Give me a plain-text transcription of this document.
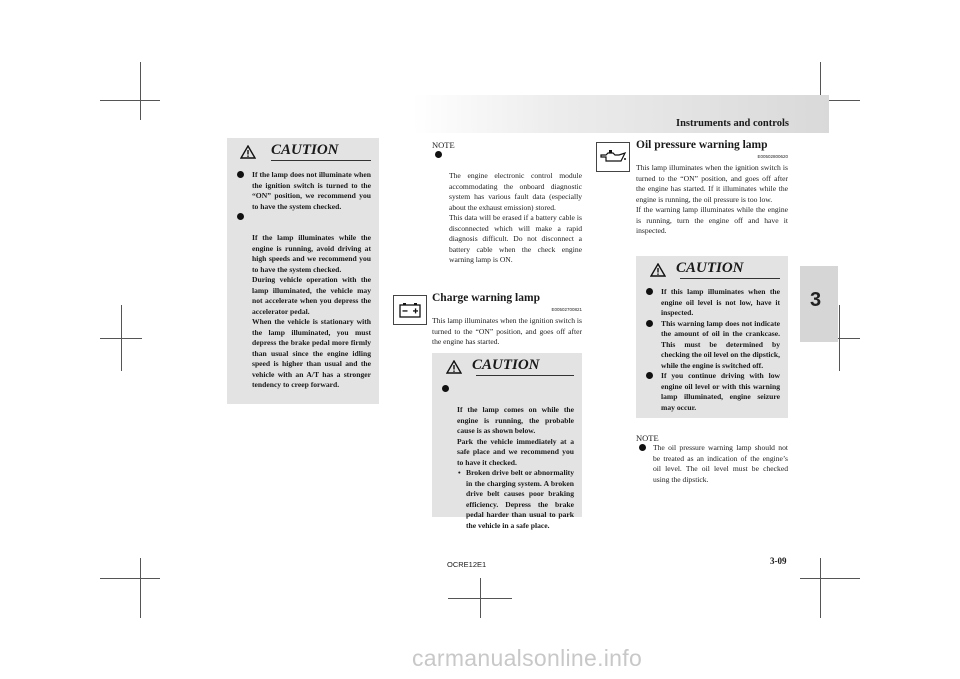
Instruments and controls
3
CAUTION
If the lamp does not illuminate when the ignition switch is turned to the “ON” position, we recommend you to have the system checked.

If the lamp illuminates while the engine is running, avoid driving at high speeds and we recommend you to have the system checked.
During vehicle operation with the lamp illuminated, the vehicle may not accelerate when you depress the accelerator pedal.
When the vehicle is stationary with the lamp illuminated, you must depress the brake pedal more firmly than usual since the engine idling speed is higher than usual and the vehicle with an A/T has a stronger tendency to creep forward.

NOTE

The engine electronic control module accommodating the onboard diagnostic system has various fault data (especially about the exhaust emission) stored.
This data will be erased if a battery cable is disconnected which will make a rapid diagnosis difficult. Do not disconnect a battery cable when the check engine warning lamp is ON.

Charge warning lamp
E00502700821
This lamp illuminates when the ignition switch is turned to the “ON” position, and goes off after the engine has started.
CAUTION

If the lamp comes on while the engine is running, the probable cause is as shown below.
Park the vehicle immediately at a safe place and we recommend you to have it checked.

• Broken drive belt or abnormality in the charging system. A broken drive belt causes poor braking efficiency. Depress the brake pedal harder than usual to park the vehicle in a safe place.
Oil pressure warning lamp
E00502800620
This lamp illuminates when the ignition switch is turned to the “ON” position, and goes off after the engine has started. If it illuminates while the engine is running, the oil pressure is too low.
If the warning lamp illuminates while the engine is running, turn the engine off and have it inspected.
CAUTION
If this lamp illuminates when the engine oil level is not low, have it inspected.
This warning lamp does not indicate the amount of oil in the crankcase. This must be determined by checking the oil level on the dipstick, while the engine is switched off.
If you continue driving with low engine oil level or with this warning lamp illuminated, engine seizure may occur.
NOTE
The oil pressure warning lamp should not be treated as an indication of the engine’s oil level. The oil level must be checked using the dipstick.
OCRE12E1	3-09
carmanualsonline.info
